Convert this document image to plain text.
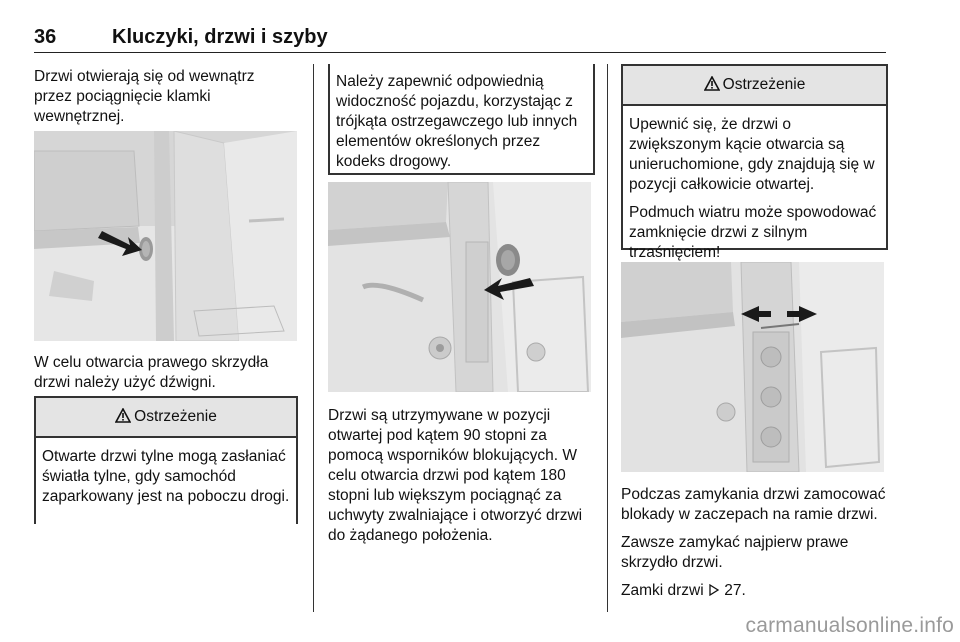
36	Kluczyki, drzwi i szyby

Drzwi otwierają się od wewnątrz przez pociągnięcie klamki wewnętrznej.

W celu otwarcia prawego skrzydła drzwi należy użyć dźwigni.

Ostrzeżenie

Otwarte drzwi tylne mogą zasłaniać światła tylne, gdy samochód zaparkowany jest na poboczu drogi.

Należy zapewnić odpowiednią widoczność pojazdu, korzystając z trójkąta ostrzegawczego lub innych elementów określonych przez kodeks drogowy.

Drzwi są utrzymywane w pozycji otwartej pod kątem 90 stopni za pomocą wsporników blokujących. W celu otwarcia drzwi pod kątem 180 stopni lub większym pociągnąć za uchwyty zwalniające i otworzyć drzwi do żądanego położenia.

Ostrzeżenie

Upewnić się, że drzwi o zwiększonym kącie otwarcia są unieruchomione, gdy znajdują się w pozycji całkowicie otwartej.

Podmuch wiatru może spowodować zamknięcie drzwi z silnym trzaśnięciem!

Podczas zamykania drzwi zamocować blokady w zaczepach na ramie drzwi.

Zawsze zamykać najpierw prawe skrzydło drzwi.

Zamki drzwi 27.

carmanualsonline.info
